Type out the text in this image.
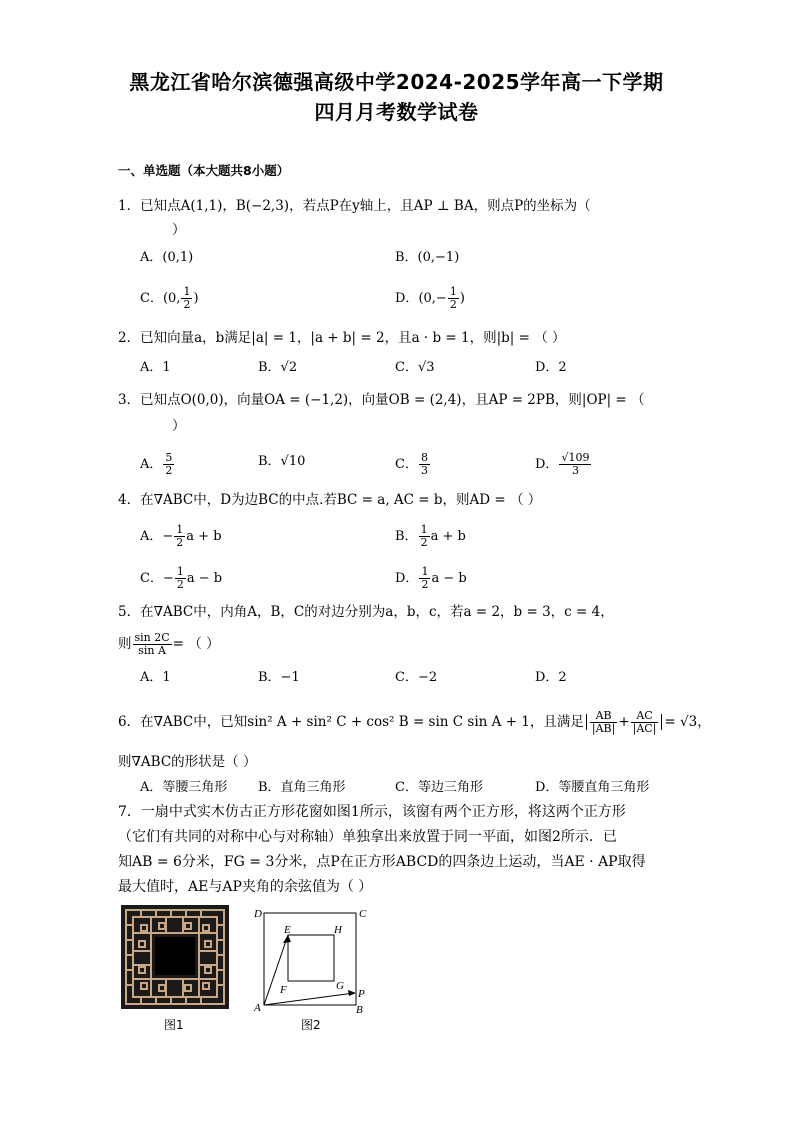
黑龙江省哈尔滨德强高级中学2024-2025学年高一下学期
四月月考数学试卷
一、单选题（本大题共8小题）
1．已知点A(1,1)，B(−2,3)，若点P在y轴上，且AP ⊥ BA，则点P的坐标为（
）
A．(0,1)	B．(0,−1)
C．(0, $\frac{1}{2}$ )	D．($0,- \frac{1}{2}$ )
2．已知向量a，b满足|a| = 1，|a + b| = 2，且a · b = 1，则|b| = （ ）
A．1	B．√2	C．√3	D．2
3．已知点O(0,0)，向量OA = (−1,2)，向量OB = (2,4)，且AP = 2PB，则|OP| = （
）
A． $\frac{5}{2}$	B．√10	C． $\frac{8}{3}$	D． $\frac{√109}{3}$
4．在∇ABC中，D为边BC的中点.若BC = a, AC = b，则AD = （ ）
A．− $\frac{1}{2}$ a + b	B． $\frac{1}{2}$ a + b
C．− $\frac{1}{2}$ a − b	D． $\frac{1}{2}$ a − b
5．在∇ABC中，内角A，B，C的对边分别为a，b，c，若a = 2，b = 3，c = 4，
则 $\frac{\sin 2C}{\text{sin A}}$ = （ ）
A．1	B．−1	C．−2	D．2
6．在∇ABC中，已知sin² A + sin² C + cos² B = sin C sin A + 1，且满足 $\frac{AB}{|AB|} + \frac{AC}{|AC|} = √3$，
则∇ABC的形状是（ ）
A．等腰三角形 B．直角三角形	C．等边三角形	D．等腰直角三角形
7．一扇中式实木仿古正方形花窗如图1所示，该窗有两个正方形，将这两个正方形
（它们有共同的对称中心与对称轴）单独拿出来放置于同一平面，如图2所示．已
知AB = 6分米，FG = 3分米，点P在正方形ABCD的四条边上运动，当AE · AP取得
最大值时，AE与AP夹角的余弦值为（ ）
图1
D	C
E	H
F	G
P
A	B
图2
